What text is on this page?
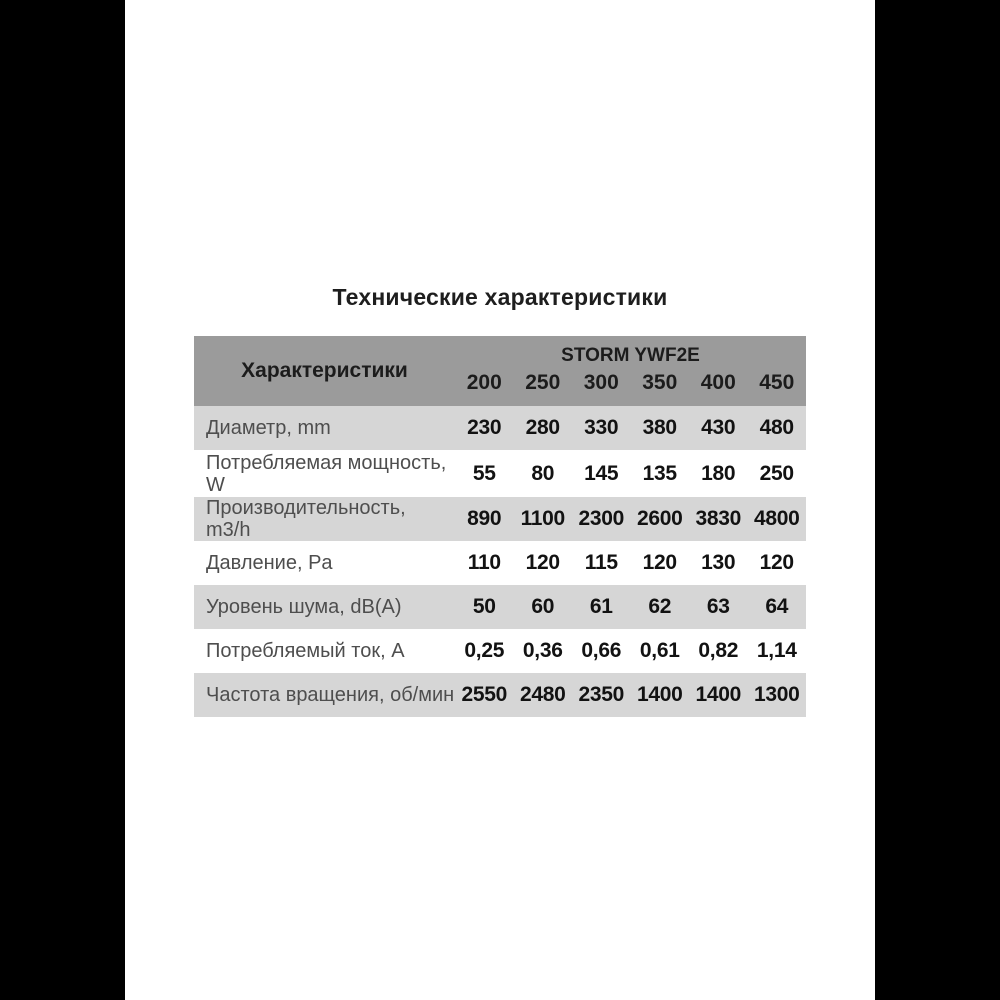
Технические характеристики
Характеристики
STORM YWF2E
200	250	300	350	400	450
Диаметр, mm	230	280	330	380	430	480
Потребляемая мощность, W	55	80	145	135	180	250
Производительность, m3/h	890 1100 2300 2600 3830 4800
Давление, Pa	110	120	115	120	130	120
Уровень шума, dB(A)	50	60	61	62	63	64
Потребляемый ток, A	0,25 0,36 0,66 0,61 0,82 1,14
Частота вращения, об/мин 2550 2480 2350 1400 1400 1300
